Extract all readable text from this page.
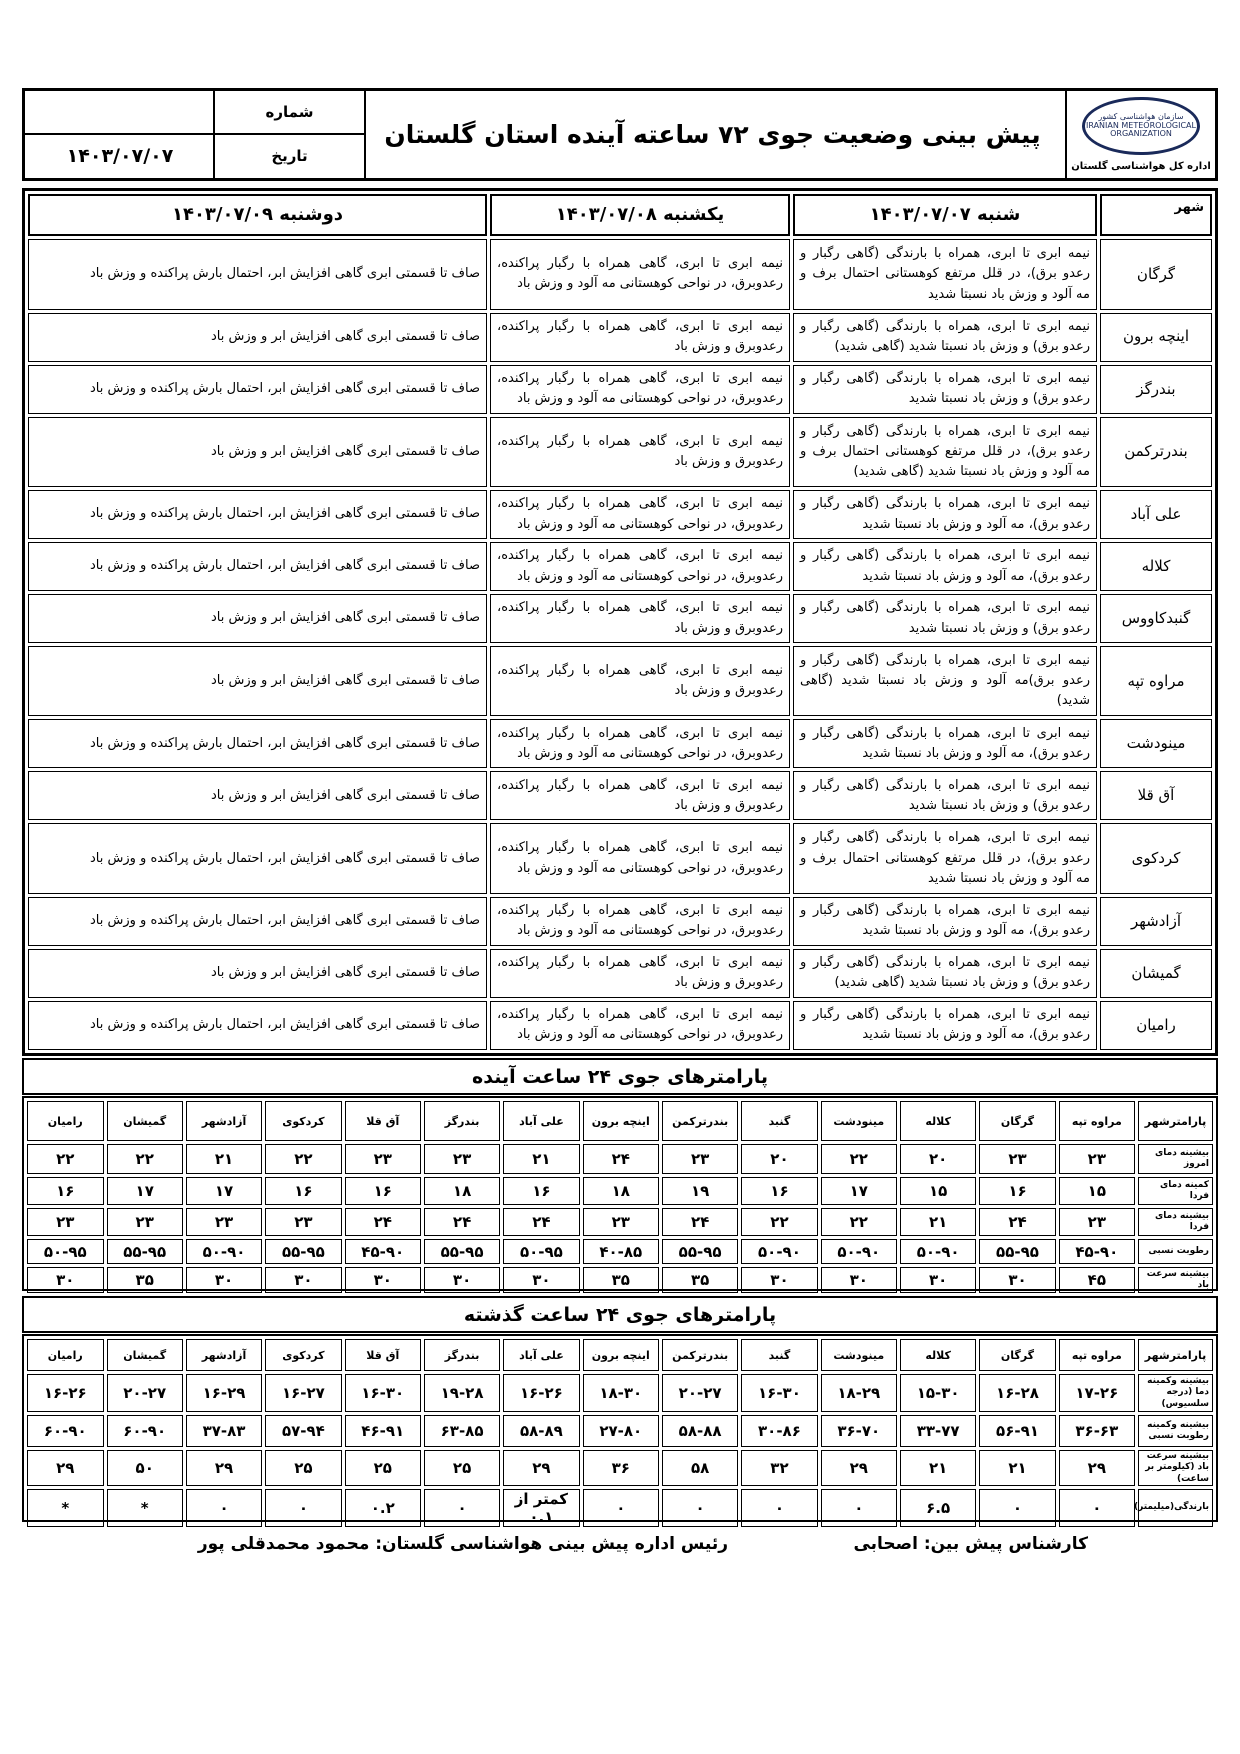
سازمان هواشناسی کشور IRANIAN METEOROLOGICAL ORGANIZATION
اداره کل هواشناسی گلستان
پیش بینی وضعیت جوی ۷۲ ساعته آینده استان گلستان
شماره
تاریخ
۱۴۰۳/۰۷/۰۷
شهر	شنبه ۱۴۰۳/۰۷/۰۷	یکشنبه ۱۴۰۳/۰۷/۰۸	دوشنبه ۱۴۰۳/۰۷/۰۹
گرگان	نیمه ابری تا ابری، همراه با بارندگی (گاهی رگبار و رعدو برق)، در قلل مرتفع کوهستانی احتمال برف و مه آلود و وزش باد نسبتا شدید	نیمه ابری تا ابری، گاهی همراه با رگبار پراکنده، رعدوبرق، در نواحی کوهستانی مه آلود و وزش باد	صاف تا قسمتی ابری گاهی افزایش ابر، احتمال بارش پراکنده و وزش باد
اینچه برون	نیمه ابری تا ابری، همراه با بارندگی (گاهی رگبار و رعدو برق) و وزش باد نسبتا شدید (گاهی شدید)	نیمه ابری تا ابری، گاهی همراه با رگبار پراکنده، رعدوبرق و وزش باد	صاف تا قسمتی ابری گاهی افزایش ابر و وزش باد
بندرگز	نیمه ابری تا ابری، همراه با بارندگی (گاهی رگبار و رعدو برق) و وزش باد نسبتا شدید	نیمه ابری تا ابری، گاهی همراه با رگبار پراکنده، رعدوبرق، در نواحی کوهستانی مه آلود و وزش باد	صاف تا قسمتی ابری گاهی افزایش ابر، احتمال بارش پراکنده و وزش باد
بندرترکمن	نیمه ابری تا ابری، همراه با بارندگی (گاهی رگبار و رعدو برق)، در قلل مرتفع کوهستانی احتمال برف و مه آلود و وزش باد نسبتا شدید (گاهی شدید)	نیمه ابری تا ابری، گاهی همراه با رگبار پراکنده، رعدوبرق و وزش باد	صاف تا قسمتی ابری گاهی افزایش ابر و وزش باد
علی آباد	نیمه ابری تا ابری، همراه با بارندگی (گاهی رگبار و رعدو برق)، مه آلود و وزش باد نسبتا شدید	نیمه ابری تا ابری، گاهی همراه با رگبار پراکنده، رعدوبرق، در نواحی کوهستانی مه آلود و وزش باد	صاف تا قسمتی ابری گاهی افزایش ابر، احتمال بارش پراکنده و وزش باد
کلاله	نیمه ابری تا ابری، همراه با بارندگی (گاهی رگبار و رعدو برق)، مه آلود و وزش باد نسبتا شدید	نیمه ابری تا ابری، گاهی همراه با رگبار پراکنده، رعدوبرق، در نواحی کوهستانی مه آلود و وزش باد	صاف تا قسمتی ابری گاهی افزایش ابر، احتمال بارش پراکنده و وزش باد
گنبدکاووس	نیمه ابری تا ابری، همراه با بارندگی (گاهی رگبار و رعدو برق) و وزش باد نسبتا شدید	نیمه ابری تا ابری، گاهی همراه با رگبار پراکنده، رعدوبرق و وزش باد	صاف تا قسمتی ابری گاهی افزایش ابر و وزش باد
مراوه تپه	نیمه ابری تا ابری، همراه با بارندگی (گاهی رگبار و رعدو برق)مه آلود و وزش باد نسبتا شدید (گاهی شدید)	نیمه ابری تا ابری، گاهی همراه با رگبار پراکنده، رعدوبرق و وزش باد	صاف تا قسمتی ابری گاهی افزایش ابر و وزش باد
مینودشت	نیمه ابری تا ابری، همراه با بارندگی (گاهی رگبار و رعدو برق)، مه آلود و وزش باد نسبتا شدید	نیمه ابری تا ابری، گاهی همراه با رگبار پراکنده، رعدوبرق، در نواحی کوهستانی مه آلود و وزش باد	صاف تا قسمتی ابری گاهی افزایش ابر، احتمال بارش پراکنده و وزش باد
آق قلا	نیمه ابری تا ابری، همراه با بارندگی (گاهی رگبار و رعدو برق) و وزش باد نسبتا شدید	نیمه ابری تا ابری، گاهی همراه با رگبار پراکنده، رعدوبرق و وزش باد	صاف تا قسمتی ابری گاهی افزایش ابر و وزش باد
کردکوی	نیمه ابری تا ابری، همراه با بارندگی (گاهی رگبار و رعدو برق)، در قلل مرتفع کوهستانی احتمال برف و مه آلود و وزش باد نسبتا شدید	نیمه ابری تا ابری، گاهی همراه با رگبار پراکنده، رعدوبرق، در نواحی کوهستانی مه آلود و وزش باد	صاف تا قسمتی ابری گاهی افزایش ابر، احتمال بارش پراکنده و وزش باد
آزادشهر	نیمه ابری تا ابری، همراه با بارندگی (گاهی رگبار و رعدو برق)، مه آلود و وزش باد نسبتا شدید	نیمه ابری تا ابری، گاهی همراه با رگبار پراکنده، رعدوبرق، در نواحی کوهستانی مه آلود و وزش باد	صاف تا قسمتی ابری گاهی افزایش ابر، احتمال بارش پراکنده و وزش باد
گمیشان	نیمه ابری تا ابری، همراه با بارندگی (گاهی رگبار و رعدو برق) و وزش باد نسبتا شدید (گاهی شدید)	نیمه ابری تا ابری، گاهی همراه با رگبار پراکنده، رعدوبرق و وزش باد	صاف تا قسمتی ابری گاهی افزایش ابر و وزش باد
رامیان	نیمه ابری تا ابری، همراه با بارندگی (گاهی رگبار و رعدو برق)، مه آلود و وزش باد نسبتا شدید	نیمه ابری تا ابری، گاهی همراه با رگبار پراکنده، رعدوبرق، در نواحی کوهستانی مه آلود و وزش باد	صاف تا قسمتی ابری گاهی افزایش ابر، احتمال بارش پراکنده و وزش باد
پارامترهای جوی ۲۴ ساعت آینده
پارامترشهر	مراوه تپه	گرگان	کلاله	مینودشت	گنبد	بندرترکمن	اینچه برون	علی آباد	بندرگز	آق قلا	کردکوی	آزادشهر	گمیشان	رامیان
بیشینه دمای امروز	۲۳	۲۳	۲۰	۲۲	۲۰	۲۳	۲۴	۲۱	۲۳	۲۳	۲۲	۲۱	۲۲	۲۲
کمینه دمای فردا	۱۵	۱۶	۱۵	۱۷	۱۶	۱۹	۱۸	۱۶	۱۸	۱۶	۱۶	۱۷	۱۷	۱۶
بیشینه دمای فردا	۲۳	۲۴	۲۱	۲۲	۲۲	۲۴	۲۳	۲۴	۲۴	۲۴	۲۳	۲۳	۲۳	۲۳
رطوبت نسبی	۴۵-۹۰	۵۵-۹۵	۵۰-۹۰	۵۰-۹۰	۵۰-۹۰	۵۵-۹۵	۴۰-۸۵	۵۰-۹۵	۵۵-۹۵	۴۵-۹۰	۵۵-۹۵	۵۰-۹۰	۵۵-۹۵	۵۰-۹۵
بیشینه سرعت باد	۴۵	۳۰	۳۰	۳۰	۳۰	۳۵	۳۵	۳۰	۳۰	۳۰	۳۰	۳۰	۳۵	۳۰
پارامترهای جوی ۲۴ ساعت گذشته
پارامترشهر	مراوه تپه	گرگان	کلاله	مینودشت	گنبد	بندرترکمن	اینچه برون	علی آباد	بندرگز	آق قلا	کردکوی	آزادشهر	گمیشان	رامیان
بیشینه وکمینه دما (درجه سلسیوس)	۱۷-۲۶	۱۶-۲۸	۱۵-۳۰	۱۸-۲۹	۱۶-۳۰	۲۰-۲۷	۱۸-۳۰	۱۶-۲۶	۱۹-۲۸	۱۶-۳۰	۱۶-۲۷	۱۶-۲۹	۲۰-۲۷	۱۶-۲۶
بیشینه وکمینه رطوبت نسبی	۳۶-۶۳	۵۶-۹۱	۳۳-۷۷	۳۶-۷۰	۳۰-۸۶	۵۸-۸۸	۲۷-۸۰	۵۸-۸۹	۶۳-۸۵	۴۶-۹۱	۵۷-۹۴	۳۷-۸۳	۶۰-۹۰	۶۰-۹۰
بیشینه سرعت باد (کیلومتر بر ساعت)	۲۹	۲۱	۲۱	۲۹	۳۲	۵۸	۳۶	۲۹	۲۵	۲۵	۲۵	۲۹	۵۰	۲۹
بارندگی(میلیمتر)	۰	۰	۶.۵	۰	۰	۰	۰	کمتر از ۰.۱	۰	۰.۲	۰	۰	*	*
کارشناس پیش بین: اصحابی
رئیس اداره پیش بینی هواشناسی گلستان: محمود محمدقلی پور
